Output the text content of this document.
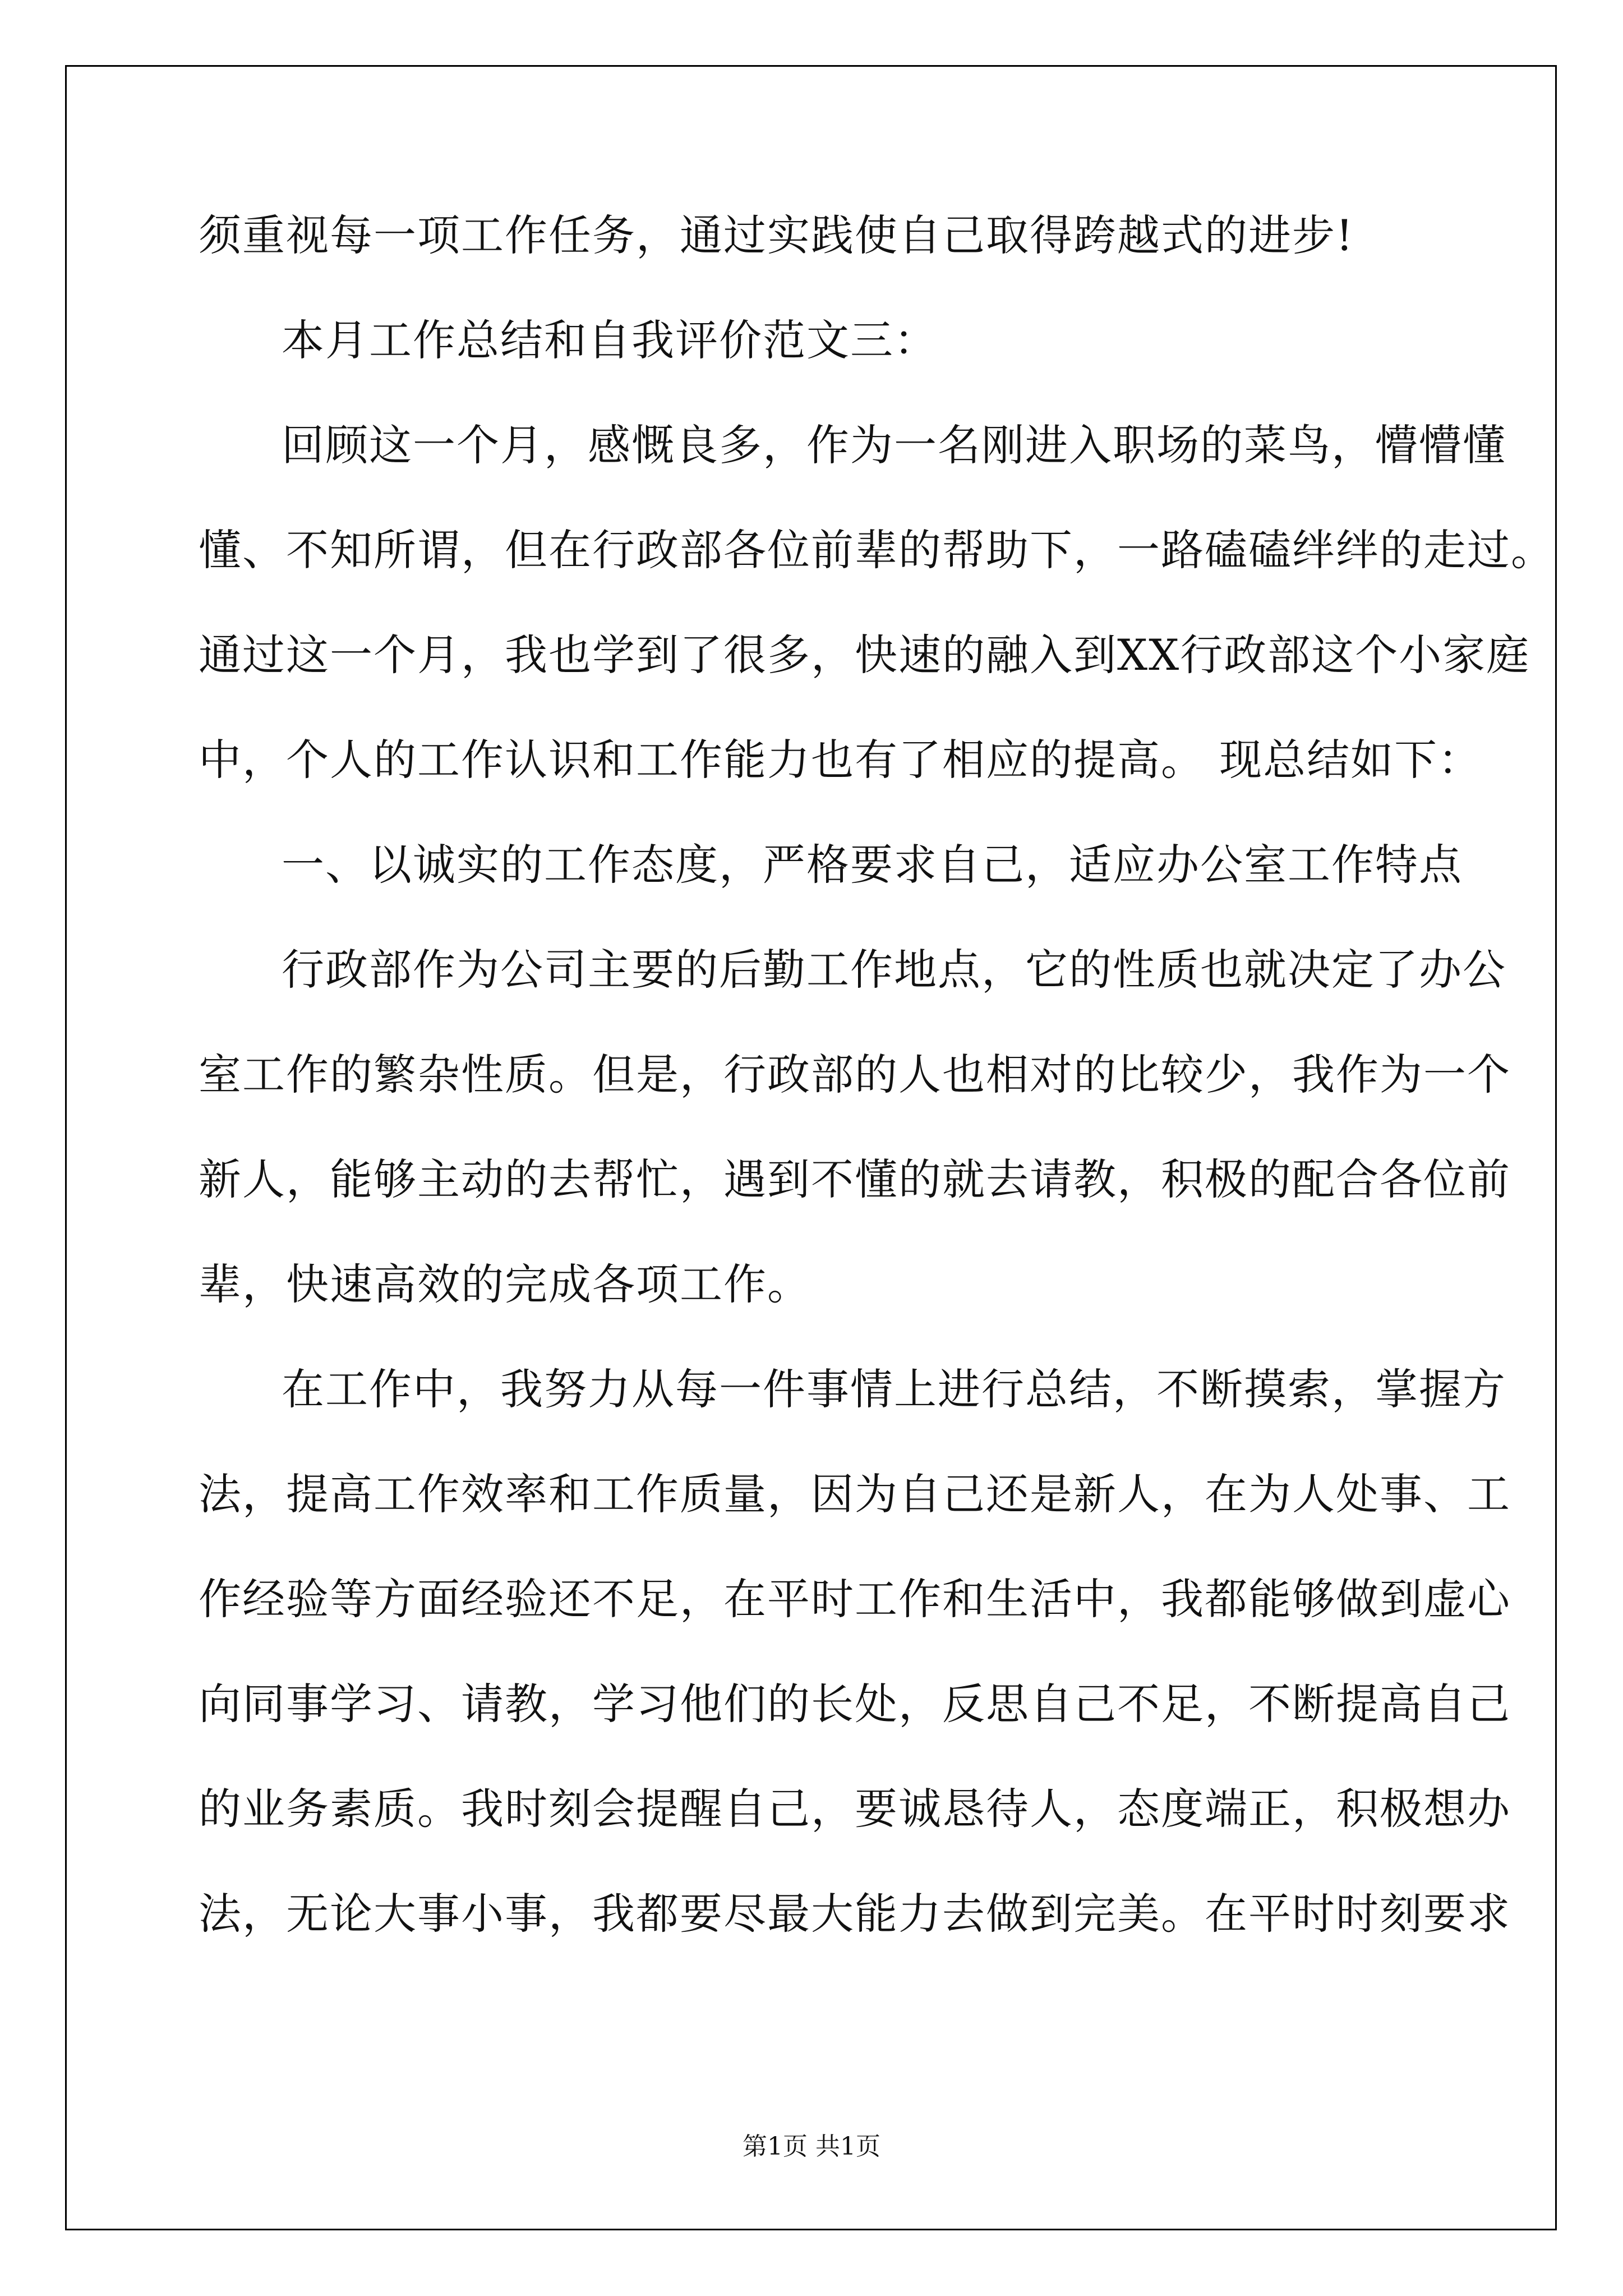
须重视每一项工作任务，通过实践使自己取得跨越式的进步!
本月工作总结和自我评价范文三：
回顾这一个月，感慨良多，作为一名刚进入职场的菜鸟，懵懵懂
懂、不知所谓，但在行政部各位前辈的帮助下，一路磕磕绊绊的走过。
通过这一个月，我也学到了很多，快速的融入到XX行政部这个小家庭
中，个人的工作认识和工作能力也有了相应的提高。 现总结如下：
一、以诚实的工作态度，严格要求自己，适应办公室工作特点
行政部作为公司主要的后勤工作地点，它的性质也就决定了办公
室工作的繁杂性质。但是，行政部的人也相对的比较少，我作为一个
新人，能够主动的去帮忙，遇到不懂的就去请教，积极的配合各位前
辈，快速高效的完成各项工作。
在工作中，我努力从每一件事情上进行总结，不断摸索，掌握方
法，提高工作效率和工作质量，因为自己还是新人，在为人处事、工
作经验等方面经验还不足，在平时工作和生活中，我都能够做到虚心
向同事学习、请教，学习他们的长处，反思自己不足，不断提高自己
的业务素质。我时刻会提醒自己，要诚恳待人，态度端正，积极想办
法，无论大事小事，我都要尽最大能力去做到完美。在平时时刻要求
第1页 共1页
